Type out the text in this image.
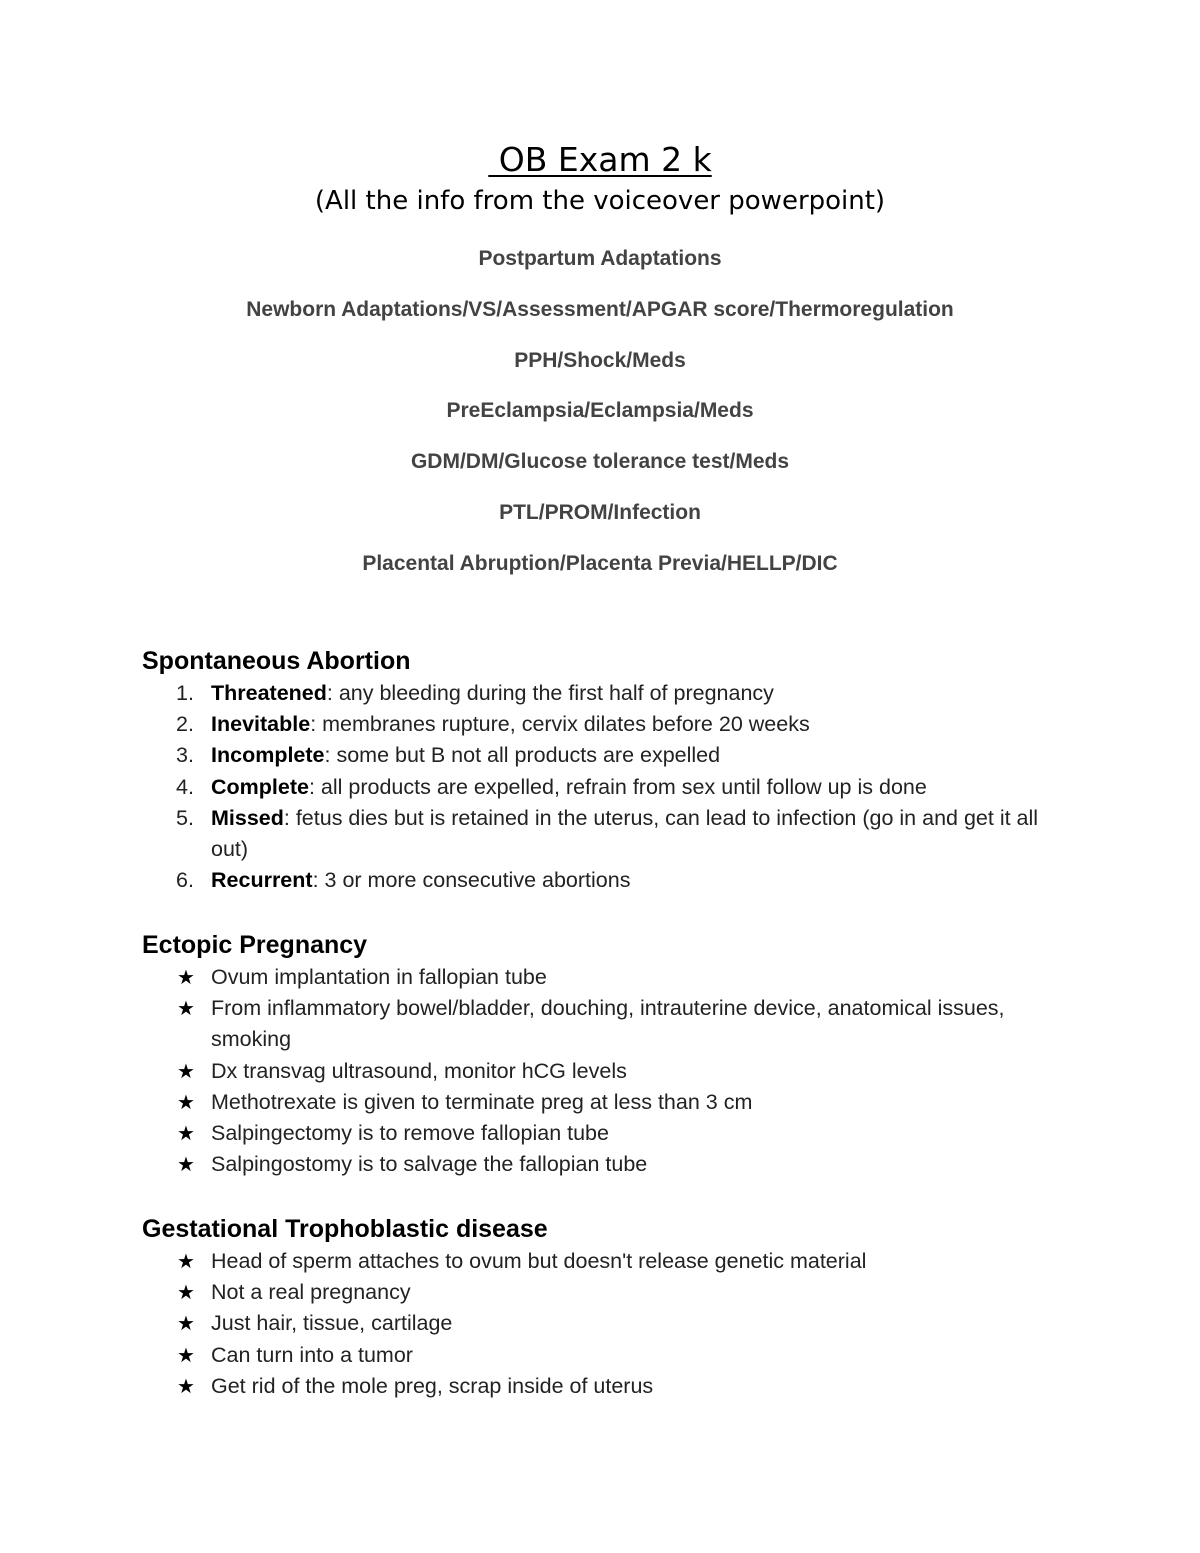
OB Exam 2 k
(All the info from the voiceover powerpoint)
Postpartum Adaptations
Newborn Adaptations/VS/Assessment/APGAR score/Thermoregulation
PPH/Shock/Meds
PreEclampsia/Eclampsia/Meds
GDM/DM/Glucose tolerance test/Meds
PTL/PROM/Infection
Placental Abruption/Placenta Previa/HELLP/DIC
Spontaneous Abortion
1. Threatened: any bleeding during the first half of pregnancy
2. Inevitable: membranes rupture, cervix dilates before 20 weeks
3. Incomplete: some but B not all products are expelled
4. Complete: all products are expelled, refrain from sex until follow up is done
5. Missed: fetus dies but is retained in the uterus, can lead to infection (go in and get it all out)
6. Recurrent: 3 or more consecutive abortions
Ectopic Pregnancy
★ Ovum implantation in fallopian tube
★ From inflammatory bowel/bladder, douching, intrauterine device, anatomical issues, smoking
★ Dx transvag ultrasound, monitor hCG levels
★ Methotrexate is given to terminate preg at less than 3 cm
★ Salpingectomy is to remove fallopian tube
★ Salpingostomy is to salvage the fallopian tube
Gestational Trophoblastic disease
★ Head of sperm attaches to ovum but doesn't release genetic material
★ Not a real pregnancy
★ Just hair, tissue, cartilage
★ Can turn into a tumor
★ Get rid of the mole preg, scrap inside of uterus
